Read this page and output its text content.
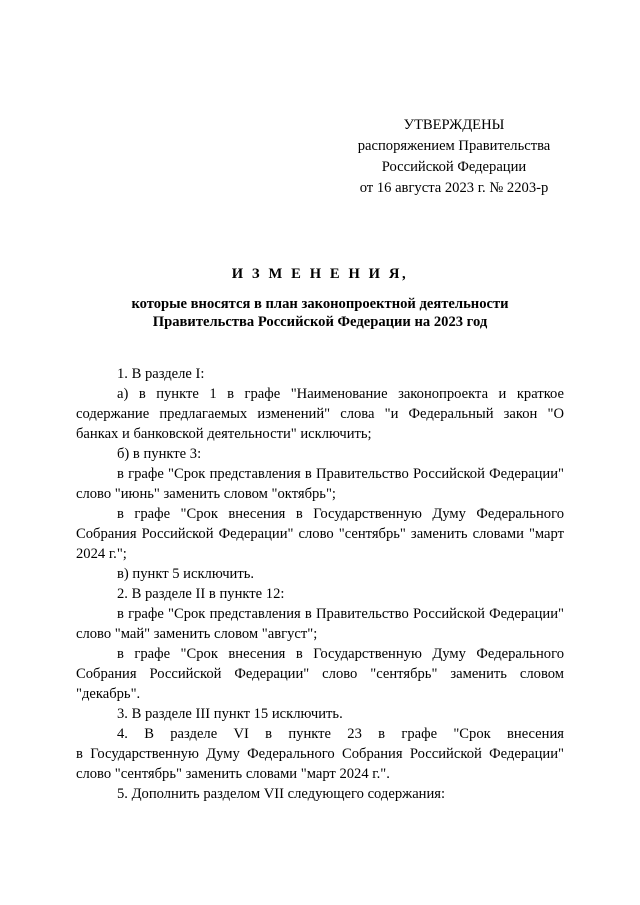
УТВЕРЖДЕНЫ
распоряжением Правительства
Российской Федерации
от 16 августа 2023 г. № 2203-р
И З М Е Н Е Н И Я,
которые вносятся в план законопроектной деятельности
Правительства Российской Федерации на 2023 год
1. В разделе I:
а) в пункте 1 в графе "Наименование законопроекта и краткое содержание предлагаемых изменений" слова "и Федеральный закон "О банках и банковской деятельности" исключить;
б) в пункте 3:
в графе "Срок представления в Правительство Российской Федерации" слово "июнь" заменить словом "октябрь";
в графе "Срок внесения в Государственную Думу Федерального Собрания Российской Федерации" слово "сентябрь" заменить словами "март 2024 г.";
в) пункт 5 исключить.
2. В разделе II в пункте 12:
в графе "Срок представления в Правительство Российской Федерации" слово "май" заменить словом "август";
в графе "Срок внесения в Государственную Думу Федерального Собрания Российской Федерации" слово "сентябрь" заменить словом "декабрь".
3. В разделе III пункт 15 исключить.
4. В разделе VI в пункте 23 в графе "Срок внесения
в Государственную Думу Федерального Собрания Российской Федерации"
слово "сентябрь" заменить словами "март 2024 г.".
5. Дополнить разделом VII следующего содержания:
